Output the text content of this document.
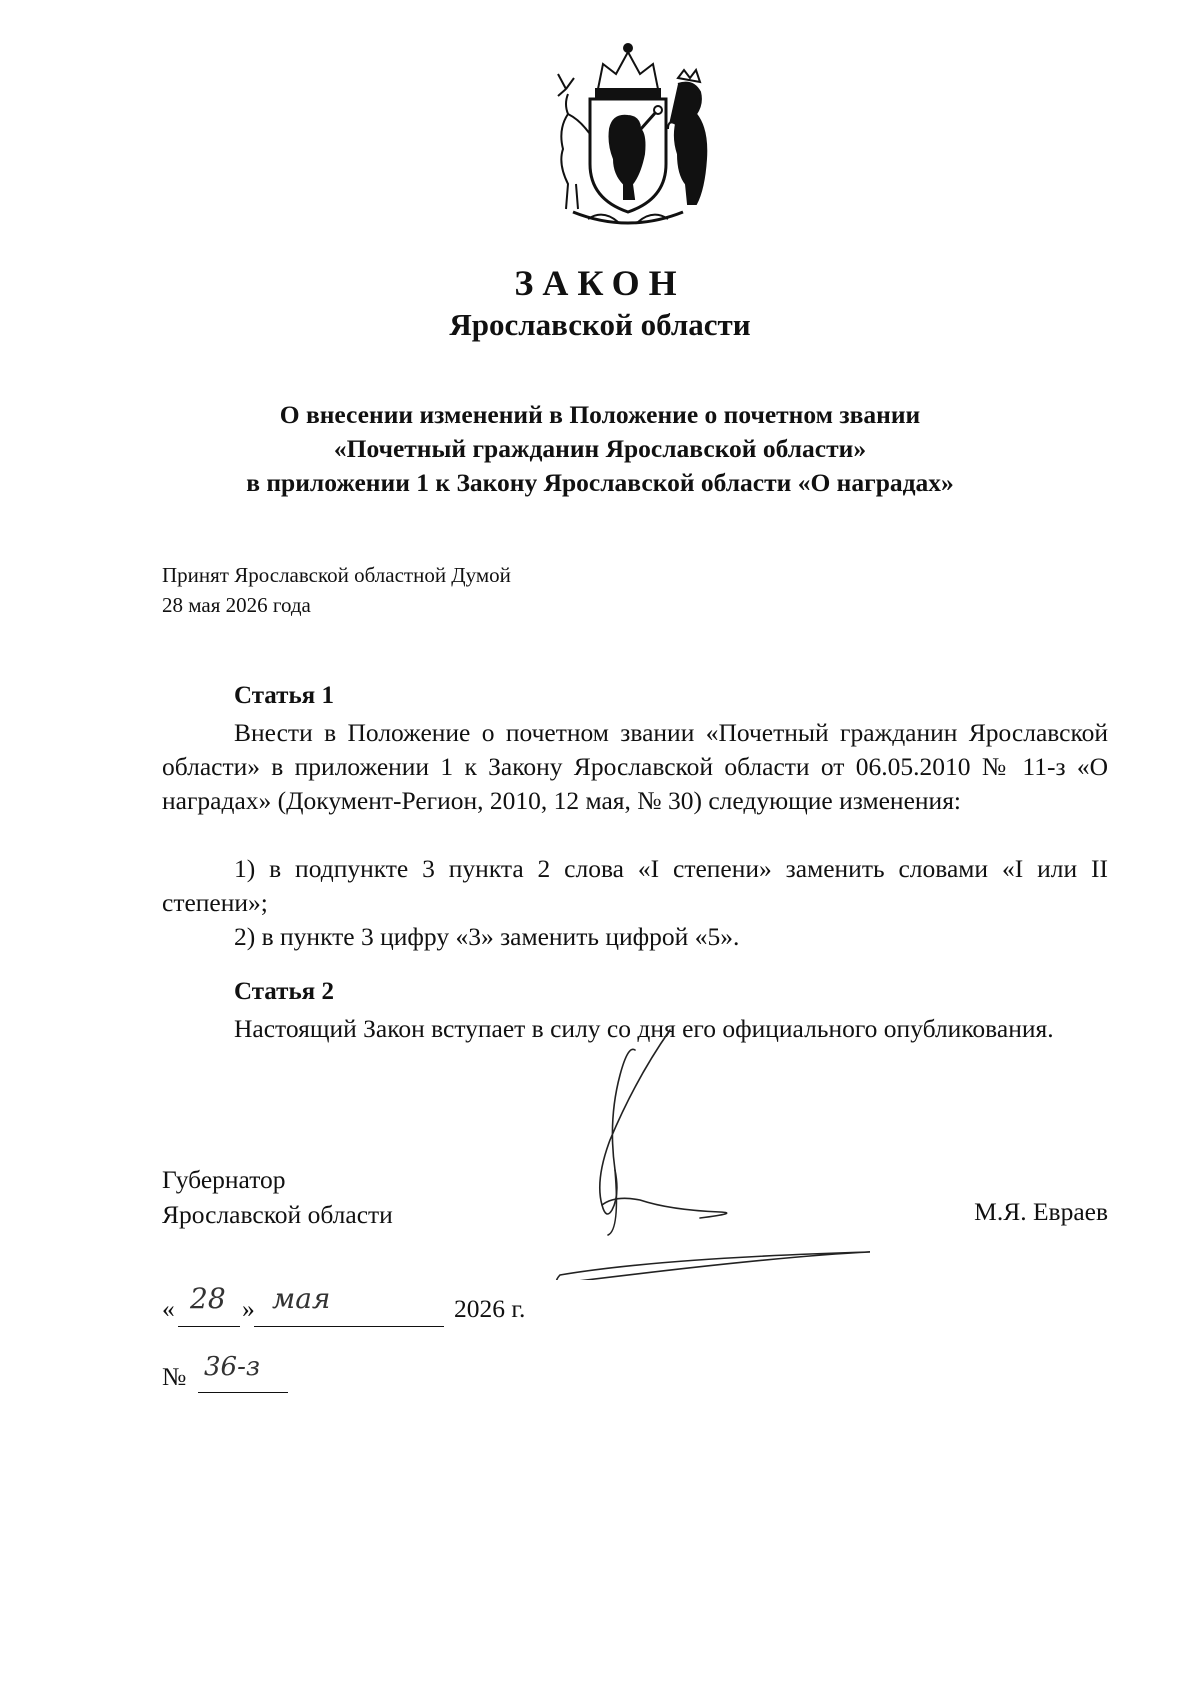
ЗАКОН
Ярославской области
О внесении изменений в Положение о почетном звании
«Почетный гражданин Ярославской области»
в приложении 1 к Закону Ярославской области «О наградах»
Принят Ярославской областной Думой
28 мая 2026 года
Статья 1
Внести в Положение о почетном звании «Почетный гражданин Ярославской области» в приложении 1 к Закону Ярославской области от 06.05.2010 № 11-з «О наградах» (Документ-Регион, 2010, 12 мая, № 30) следующие изменения:
1) в подпункте 3 пункта 2 слова «I степени» заменить словами «I или II степени»;
2) в пункте 3 цифру «3» заменить цифрой «5».
Статья 2
Настоящий Закон вступает в силу со дня его официального опубликования.
Губернатор
Ярославской области	М.Я. Евраев
« 28 » мая	2026 г.
№ 36-з
